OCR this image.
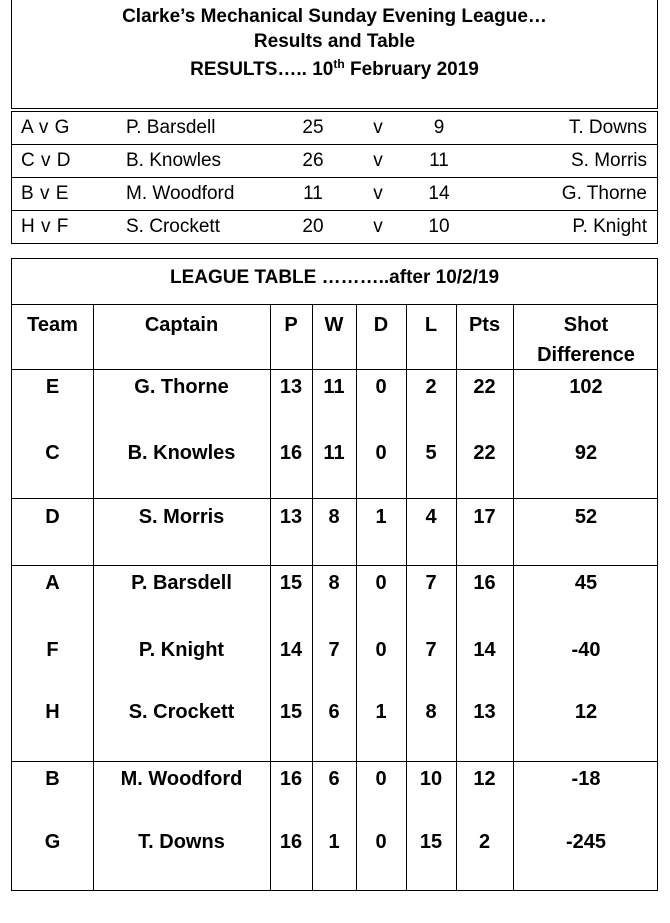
Clarke’s Mechanical Sunday Evening League…
Results and Table
RESULTS….. 10th February 2019
A v G	P. Barsdell	25	v	9	T. Downs
C v D	B. Knowles	26	v 11	S. Morris
B v E	M. Woodford	11	v 14	G. Thorne
H v F	S. Crockett	20	v 10	P. Knight
LEAGUE TABLE ………..after 10/2/19
Team	Captain	P	W	D	L	Pts	Shot
Difference
E	G. Thorne	13	11	0	2	22	102
C	B. Knowles	16	11	0	5	22	92
D	S. Morris	13	8	1	4	17	52
A	P. Barsdell	15	8	0	7	16	45
F	P. Knight	14	7	0	7	14	-40
H	S. Crockett	15	6	1	8	13	12
B	M. Woodford	16	6	0	10	12	-18
G	T. Downs	16	1	0	15	2	-245
